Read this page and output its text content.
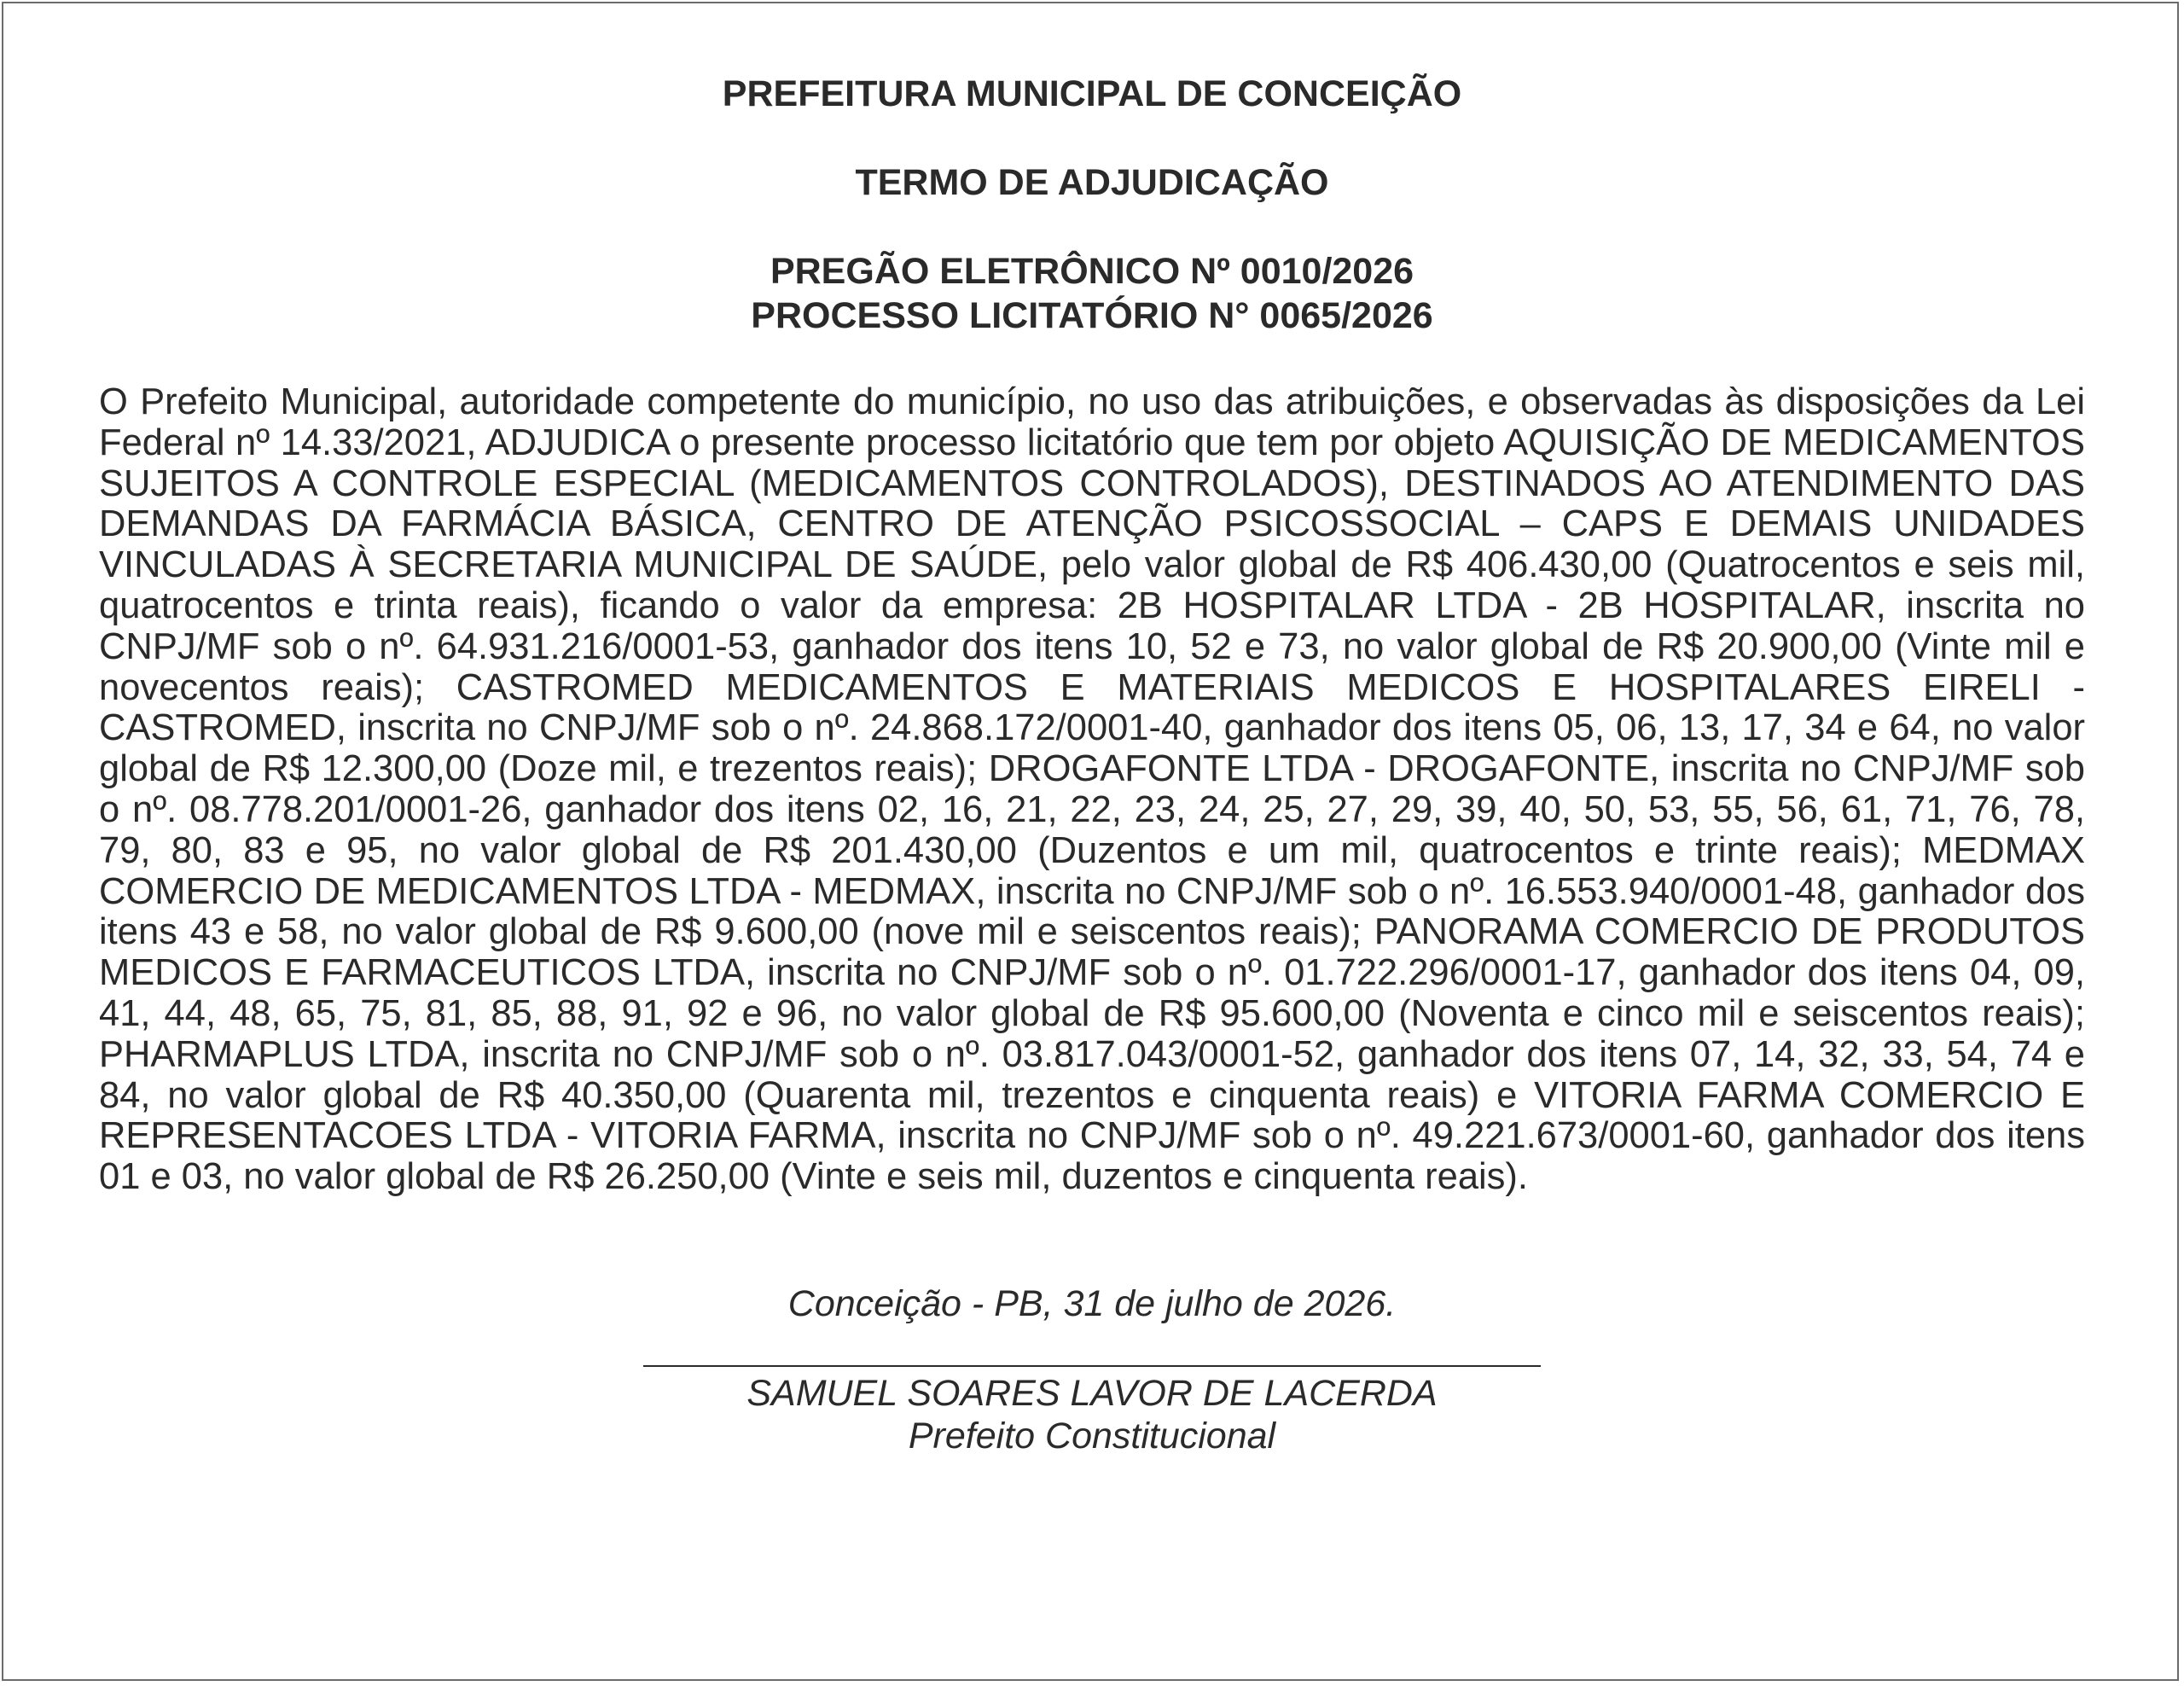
PREFEITURA MUNICIPAL DE CONCEIÇÃO
TERMO DE ADJUDICAÇÃO
PREGÃO ELETRÔNICO Nº 0010/2026
PROCESSO LICITATÓRIO N° 0065/2026

O Prefeito Municipal, autoridade competente do município, no uso das atribuições, e observadas às disposições da Lei Federal nº 14.33/2021, ADJUDICA o presente processo licitatório que tem por objeto AQUISIÇÃO DE MEDICAMENTOS SUJEITOS A CONTROLE ESPECIAL (MEDICAMENTOS CONTROLADOS), DESTINADOS AO ATENDIMENTO DAS DEMANDAS DA FARMÁCIA BÁSICA, CENTRO DE ATENÇÃO PSICOSSOCIAL – CAPS E DEMAIS UNIDADES VINCULADAS À SECRETARIA MUNICIPAL DE SAÚDE, pelo valor global de R$ 406.430,00 (Quatrocentos e seis mil, quatrocentos e trinta reais), ficando o valor da empresa: 2B HOSPITALAR LTDA - 2B HOSPITALAR, inscrita no CNPJ/MF sob o nº. 64.931.216/0001-53, ganhador dos itens 10, 52 e 73, no valor global de R$ 20.900,00 (Vinte mil e novecentos reais); CASTROMED MEDICAMENTOS E MATERIAIS MEDICOS E HOSPITALARES EIRELI - CASTROMED, inscrita no CNPJ/MF sob o nº. 24.868.172/0001-40, ganhador dos itens 05, 06, 13, 17, 34 e 64, no valor global de R$ 12.300,00 (Doze mil, e trezentos reais); DROGAFONTE LTDA - DROGAFONTE, inscrita no CNPJ/MF sob o nº. 08.778.201/0001-26, ganhador dos itens 02, 16, 21, 22, 23, 24, 25, 27, 29, 39, 40, 50, 53, 55, 56, 61, 71, 76, 78, 79, 80, 83 e 95, no valor global de R$ 201.430,00 (Duzentos e um mil, quatrocentos e trinte reais); MEDMAX COMERCIO DE MEDICAMENTOS LTDA - MEDMAX, inscrita no CNPJ/MF sob o nº. 16.553.940/0001-48, ganhador dos itens 43 e 58, no valor global de R$ 9.600,00 (nove mil e seiscentos reais); PANORAMA COMERCIO DE PRODUTOS MEDICOS E FARMACEUTICOS LTDA, inscrita no CNPJ/MF sob o nº. 01.722.296/0001-17, ganhador dos itens 04, 09, 41, 44, 48, 65, 75, 81, 85, 88, 91, 92 e 96, no valor global de R$ 95.600,00 (Noventa e cinco mil e seiscentos reais); PHARMAPLUS LTDA, inscrita no CNPJ/MF sob o nº. 03.817.043/0001-52, ganhador dos itens 07, 14, 32, 33, 54, 74 e 84, no valor global de R$ 40.350,00 (Quarenta mil, trezentos e cinquenta reais) e VITORIA FARMA COMERCIO E REPRESENTACOES LTDA - VITORIA FARMA, inscrita no CNPJ/MF sob o nº. 49.221.673/0001-60, ganhador dos itens 01 e 03, no valor global de R$ 26.250,00 (Vinte e seis mil, duzentos e cinquenta reais).

Conceição - PB, 31 de julho de 2026.
SAMUEL SOARES LAVOR DE LACERDA
Prefeito Constitucional
